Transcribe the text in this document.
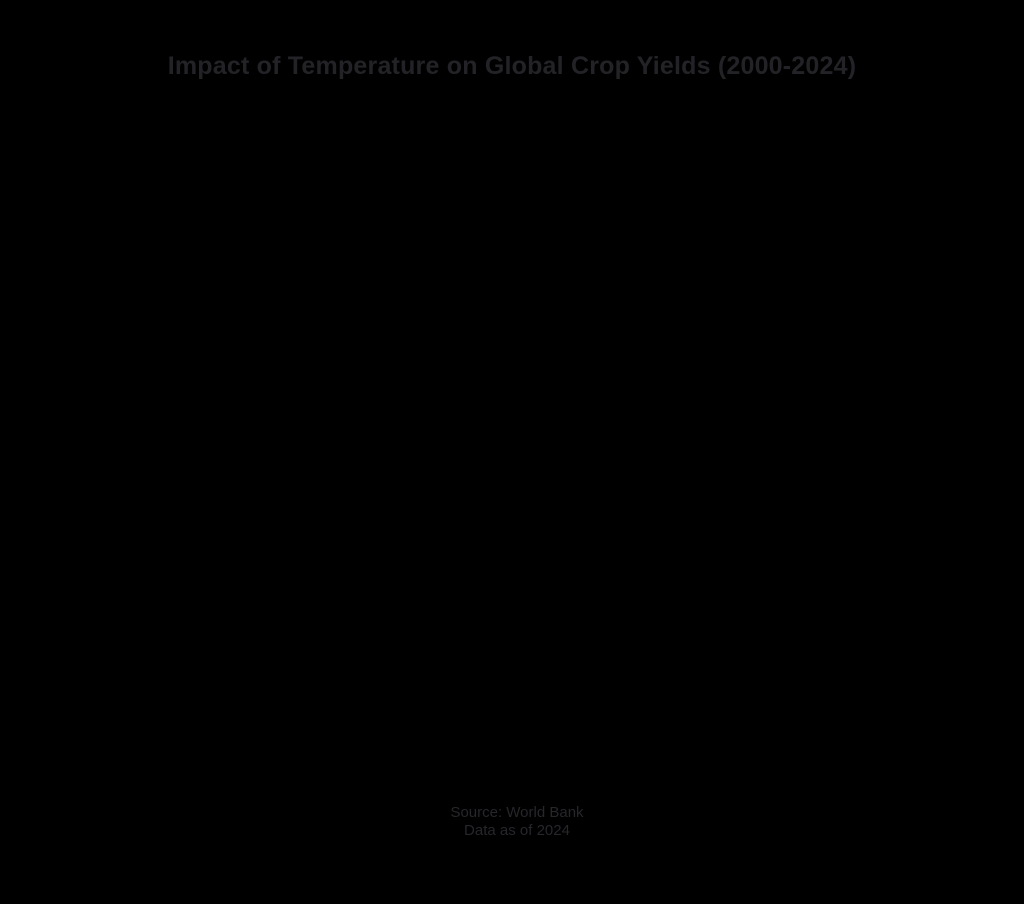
Impact of Temperature on Global Crop Yields (2000-2024)
Source: World Bank
Data as of 2024
